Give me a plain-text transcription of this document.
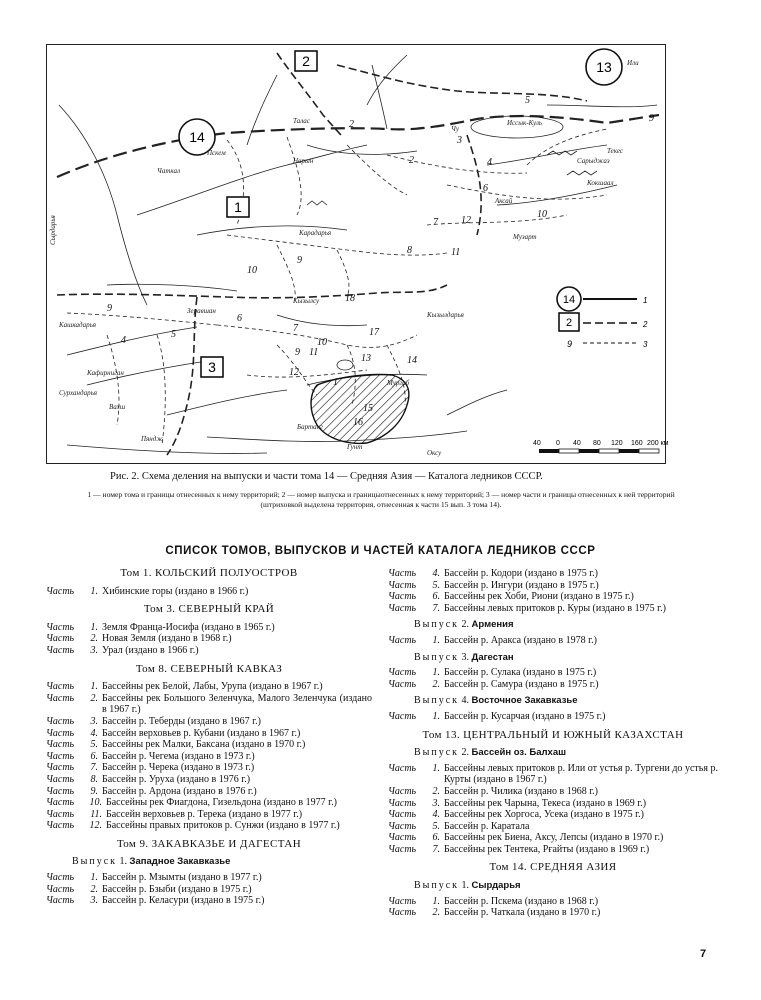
2	13
14
1
3
2
2
3
4
5
9
10
6
7
11
12
8
9
10
9
4
5
6
7
18
17
10
9 11
12
13	14
15
16
1
Сырдарья
Нарын
Иссык-Куль
Талас
Чу
Чаткал
Пскем
Карадарья
Пяндж
Кызылсу
Вахш
Кафирниган
Сурхандарья
Зеравшан
Кашкадарья
Мургаб
Оксу
Гунт
Бартанг
Или
Текес
Музарт
Кокшаал
Сарыджаз
Аксай
Кызылдарья
14	1
2	2
9	3
40 0 40 80 120 160 200 км
Рис. 2. Схема деления на выпуски и части тома 14 — Средняя Азия — Каталога ледников СССР.
1 — номер тома и границы отнесенных к нему территорий; 2 — номер выпуска и границыотнесенных к нему территорий; 3 — номер части и границы отнесенных к ней территорий (штриховкой выделена территория, отнесенная к части 15 вып. 3 тома 14).
СПИСОК ТОМОВ, ВЫПУСКОВ И ЧАСТЕЙ КАТАЛОГА ЛЕДНИКОВ СССР
Том 1. КОЛЬСКИЙ ПОЛУОСТРОВ
Часть	1. Хибинские горы (издано в 1966 г.)
Том 3. СЕВЕРНЫЙ КРАЙ
Часть	1. Земля Франца-Иосифа (издано в 1965 г.)
Часть	2. Новая Земля (издано в 1968 г.)
Часть	3. Урал (издано в 1966 г.)
Том 8. СЕВЕРНЫЙ КАВКАЗ
Часть	1. Бассейны рек Белой, Лабы, Урупа (издано в 1967 г.)
Часть	2. Бассейны рек Большого Зеленчука, Малого Зеленчука (издано в 1967 г.)
Часть	3. Бассейн р. Теберды (издано в 1967 г.)
Часть	4. Бассейн верховьев р. Кубани (издано в 1967 г.)
Часть	5. Бассейны рек Малки, Баксана (издано в 1970 г.)
Часть	6. Бассейн р. Чегема (издано в 1973 г.)
Часть	7. Бассейн р. Черека (издано в 1973 г.)
Часть	8. Бассейн р. Уруха (издано в 1976 г.)
Часть	9. Бассейн р. Ардона (издано в 1976 г.)
Часть	10. Бассейны рек Фиагдона, Гизельдона (издано в 1977 г.)
Часть	11. Бассейн верховьев р. Терека (издано в 1977 г.)
Часть	12. Бассейны правых притоков р. Сунжи (издано в 1977 г.)
Том 9. ЗАКАВКАЗЬЕ И ДАГЕСТАН
Выпуск 1. Западное Закавказье
Часть	1. Бассейн р. Мзымты (издано в 1977 г.)
Часть	2. Бассейн р. Бзыби (издано в 1975 г.)
Часть	3. Бассейн р. Келасури (издано в 1975 г.)
Часть	4. Бассейн р. Кодори (издано в 1975 г.)
Часть	5. Бассейн р. Ингури (издано в 1975 г.)
Часть	6. Бассейны рек Хоби, Риони (издано в 1975 г.)
Часть	7. Бассейны левых притоков р. Куры (издано в 1975 г.)
Выпуск 2. Армения
Часть	1. Бассейн р. Аракса (издано в 1978 г.)
Выпуск 3. Дагестан
Часть	1. Бассейн р. Сулака (издано в 1975 г.)
Часть	2. Бассейн р. Самура (издано в 1975 г.)
Выпуск 4. Восточное Закавказье
Часть	1. Бассейн р. Кусарчая (издано в 1975 г.)
Том 13. ЦЕНТРАЛЬНЫЙ И ЮЖНЫЙ КАЗАХСТАН
Выпуск 2. Бассейн оз. Балхаш
Часть	1. Бассейны левых притоков р. Или от устья р. Тургени до устья р. Курты (издано в 1967 г.)
Часть	2. Бассейн р. Чилика (издано в 1968 г.)
Часть	3. Бассейны рек Чарына, Текеса (издано в 1969 г.)
Часть	4. Бассейны рек Хоргоса, Усека (издано в 1975 г.)
Часть	5. Бассейн р. Каратала
Часть	6. Бассейны рек Биена, Аксу, Лепсы (издано в 1970 г.)
Часть	7. Бассейны рек Тентека, Рғайты (издано в 1969 г.)
Том 14. СРЕДНЯЯ АЗИЯ
Выпуск 1. Сырдарья
Часть	1. Бассейн р. Пскема (издано в 1968 г.)
Часть	2. Бассейн р. Чаткала (издано в 1970 г.)
7
